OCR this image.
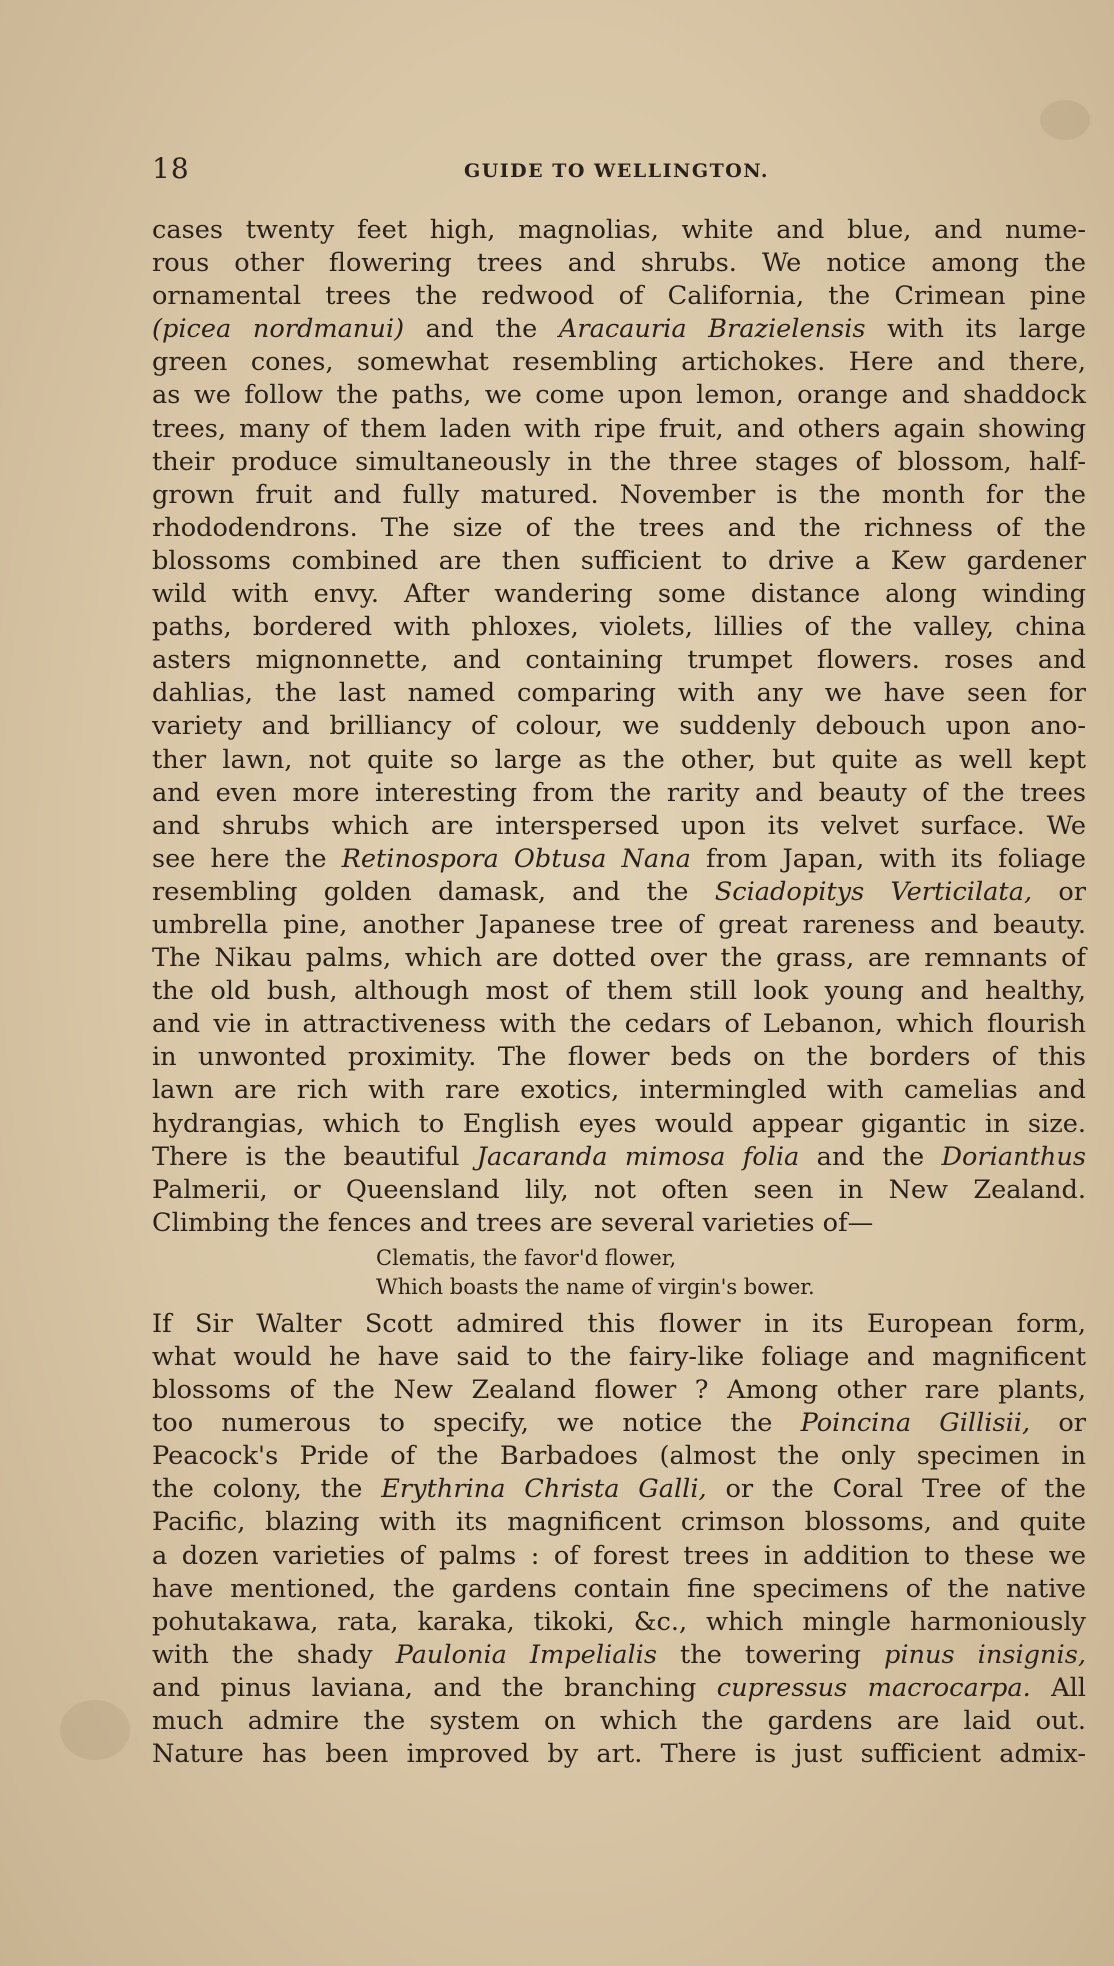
18	GUIDE TO WELLINGTON.
cases twenty feet high, magnolias, white and blue, and nume-
rous other flowering trees and shrubs. We notice among the
ornamental trees the redwood of California, the Crimean pine
(picea nordmanui) and the Aracauria Brazielensis with its large
green cones, somewhat resembling artichokes. Here and there,
as we follow the paths, we come upon lemon, orange and shaddock
trees, many of them laden with ripe fruit, and others again showing
their produce simultaneously in the three stages of blossom, half-
grown fruit and fully matured. November is the month for the
rhododendrons. The size of the trees and the richness of the
blossoms combined are then sufficient to drive a Kew gardener
wild with envy. After wandering some distance along winding
paths, bordered with phloxes, violets, lillies of the valley, china
asters mignonnette, and containing trumpet flowers. roses and
dahlias, the last named comparing with any we have seen for
variety and brilliancy of colour, we suddenly debouch upon ano-
ther lawn, not quite so large as the other, but quite as well kept
and even more interesting from the rarity and beauty of the trees
and shrubs which are interspersed upon its velvet surface. We
see here the Retinospora Obtusa Nana from Japan, with its foliage
resembling golden damask, and the Sciadopitys Verticilata, or
umbrella pine, another Japanese tree of great rareness and beauty.
The Nikau palms, which are dotted over the grass, are remnants of
the old bush, although most of them still look young and healthy,
and vie in attractiveness with the cedars of Lebanon, which flourish
in unwonted proximity. The flower beds on the borders of this
lawn are rich with rare exotics, intermingled with camelias and
hydrangias, which to English eyes would appear gigantic in size.
There is the beautiful Jacaranda mimosa folia and the Dorianthus
Palmerii, or Queensland lily, not often seen in New Zealand.
Climbing the fences and trees are several varieties of—
Clematis, the favor'd flower,
Which boasts the name of virgin's bower.
If Sir Walter Scott admired this flower in its European form,
what would he have said to the fairy-like foliage and magnificent
blossoms of the New Zealand flower ? Among other rare plants,
too numerous to specify, we notice the Poincina Gillisii, or
Peacock's Pride of the Barbadoes (almost the only specimen in
the colony, the Erythrina Christa Galli, or the Coral Tree of the
Pacific, blazing with its magnificent crimson blossoms, and quite
a dozen varieties of palms : of forest trees in addition to these we
have mentioned, the gardens contain fine specimens of the native
pohutakawa, rata, karaka, tikoki, &c., which mingle harmoniously
with the shady Paulonia Impelialis the towering pinus insignis,
and pinus laviana, and the branching cupressus macrocarpa. All
much admire the system on which the gardens are laid out.
Nature has been improved by art. There is just sufficient admix-
